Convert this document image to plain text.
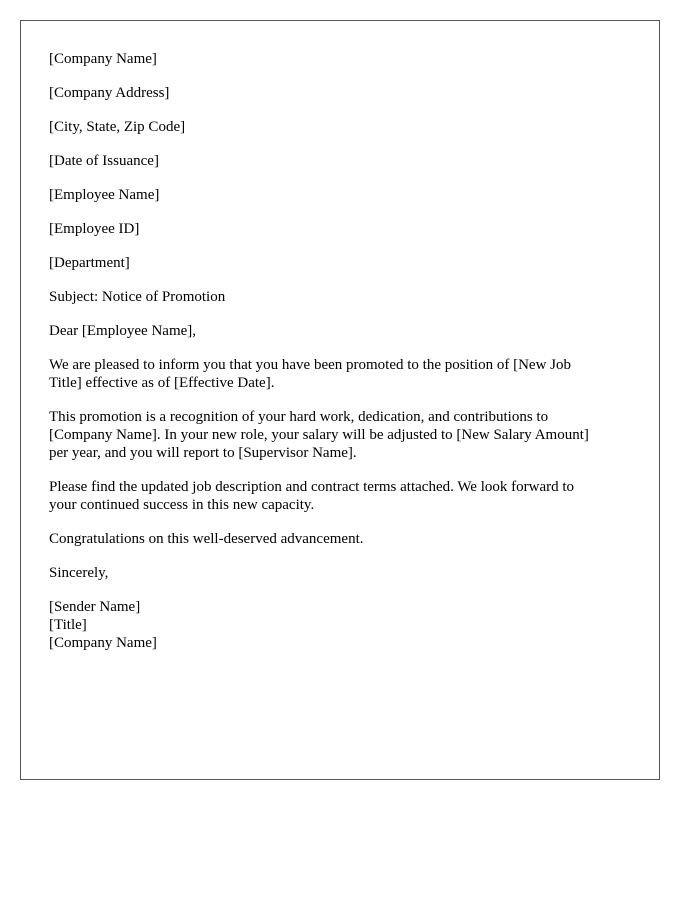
[Company Name]
[Company Address]
[City, State, Zip Code]
[Date of Issuance]
[Employee Name]
[Employee ID]
[Department]
Subject: Notice of Promotion
Dear [Employee Name],
We are pleased to inform you that you have been promoted to the position of [New Job
Title] effective as of [Effective Date].
This promotion is a recognition of your hard work, dedication, and contributions to
[Company Name]. In your new role, your salary will be adjusted to [New Salary Amount]
per year, and you will report to [Supervisor Name].
Please find the updated job description and contract terms attached. We look forward to
your continued success in this new capacity.
Congratulations on this well-deserved advancement.
Sincerely,
[Sender Name]
[Title]
[Company Name]
